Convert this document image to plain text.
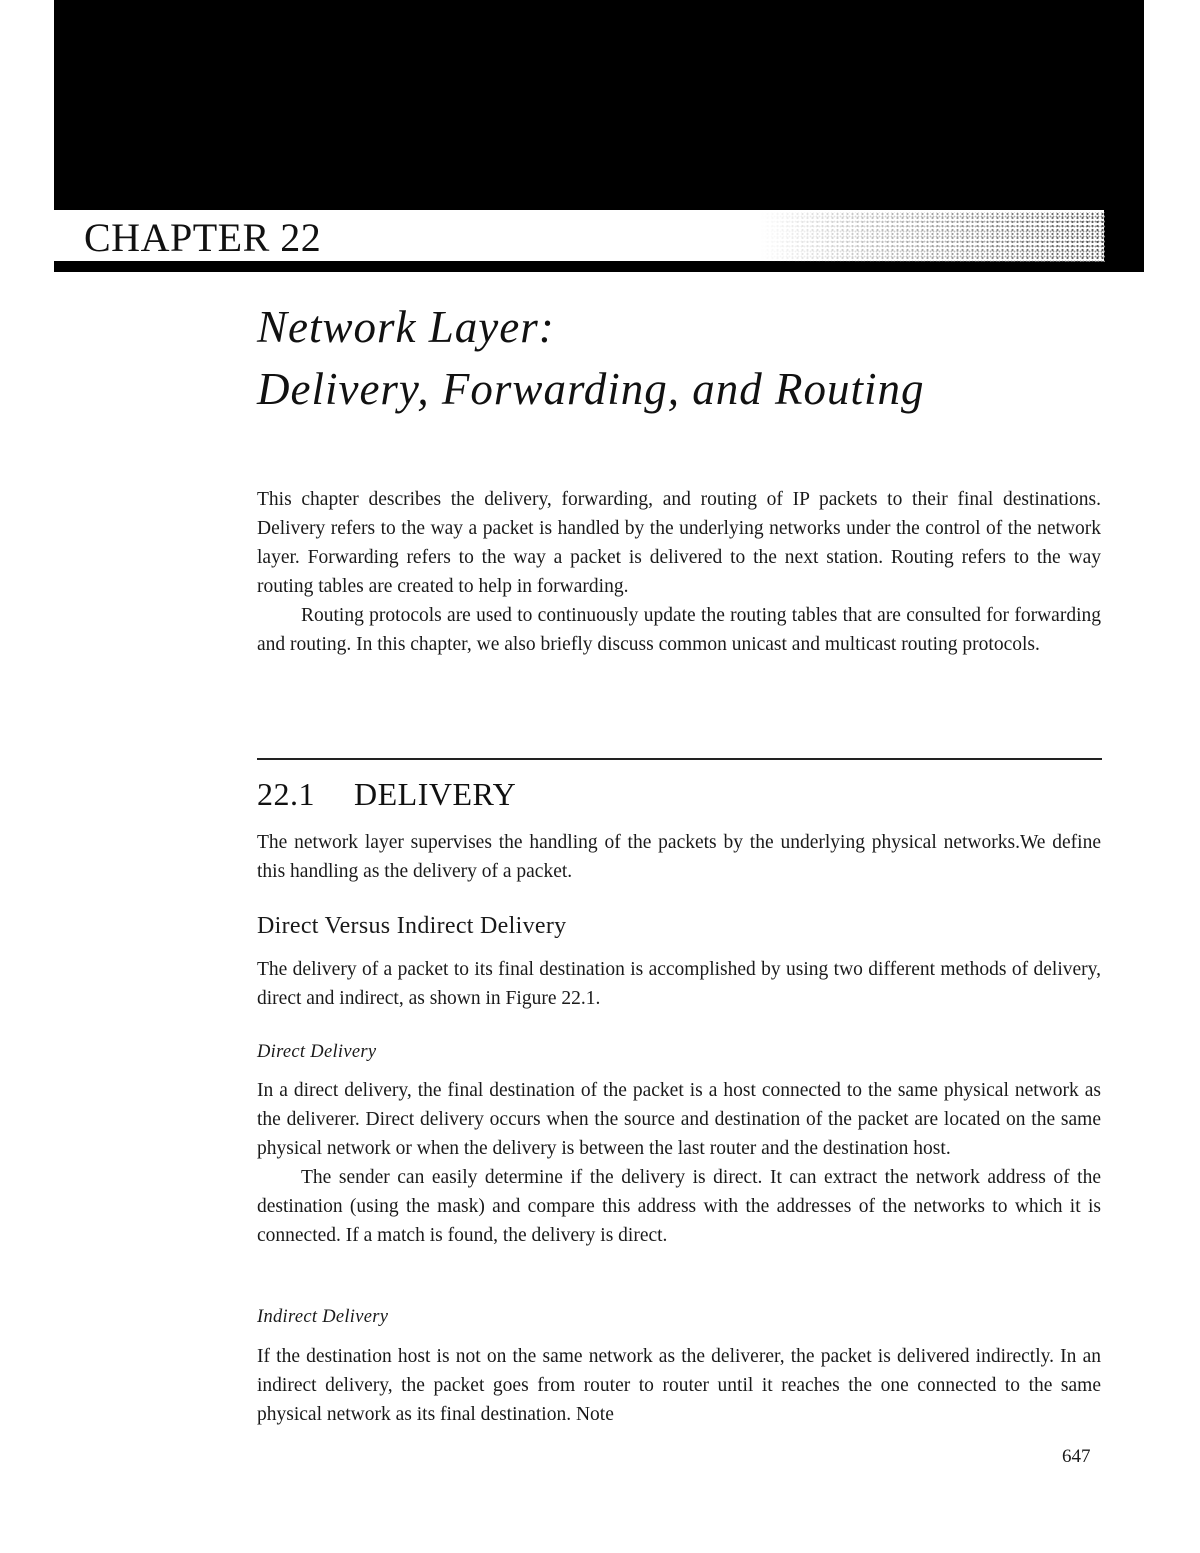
CHAPTER 22
Network Layer:
Delivery, Forwarding, and Routing

This chapter describes the delivery, forwarding, and routing of IP packets to their final destinations. Delivery refers to the way a packet is handled by the underlying networks under the control of the network layer. Forwarding refers to the way a packet is delivered to the next station. Routing refers to the way routing tables are created to help in forwarding.

Routing protocols are used to continuously update the routing tables that are consulted for forwarding and routing. In this chapter, we also briefly discuss common unicast and multicast routing protocols.

22.1 DELIVERY

The network layer supervises the handling of the packets by the underlying physical networks.We define this handling as the delivery of a packet.

Direct Versus Indirect Delivery

The delivery of a packet to its final destination is accomplished by using two different methods of delivery, direct and indirect, as shown in Figure 22.1.

Direct Delivery

In a direct delivery, the final destination of the packet is a host connected to the same physical network as the deliverer. Direct delivery occurs when the source and destination of the packet are located on the same physical network or when the delivery is between the last router and the destination host.

The sender can easily determine if the delivery is direct. It can extract the network address of the destination (using the mask) and compare this address with the addresses of the networks to which it is connected. If a match is found, the delivery is direct.

Indirect Delivery

If the destination host is not on the same network as the deliverer, the packet is delivered indirectly. In an indirect delivery, the packet goes from router to router until it reaches the one connected to the same physical network as its final destination. Note

647
